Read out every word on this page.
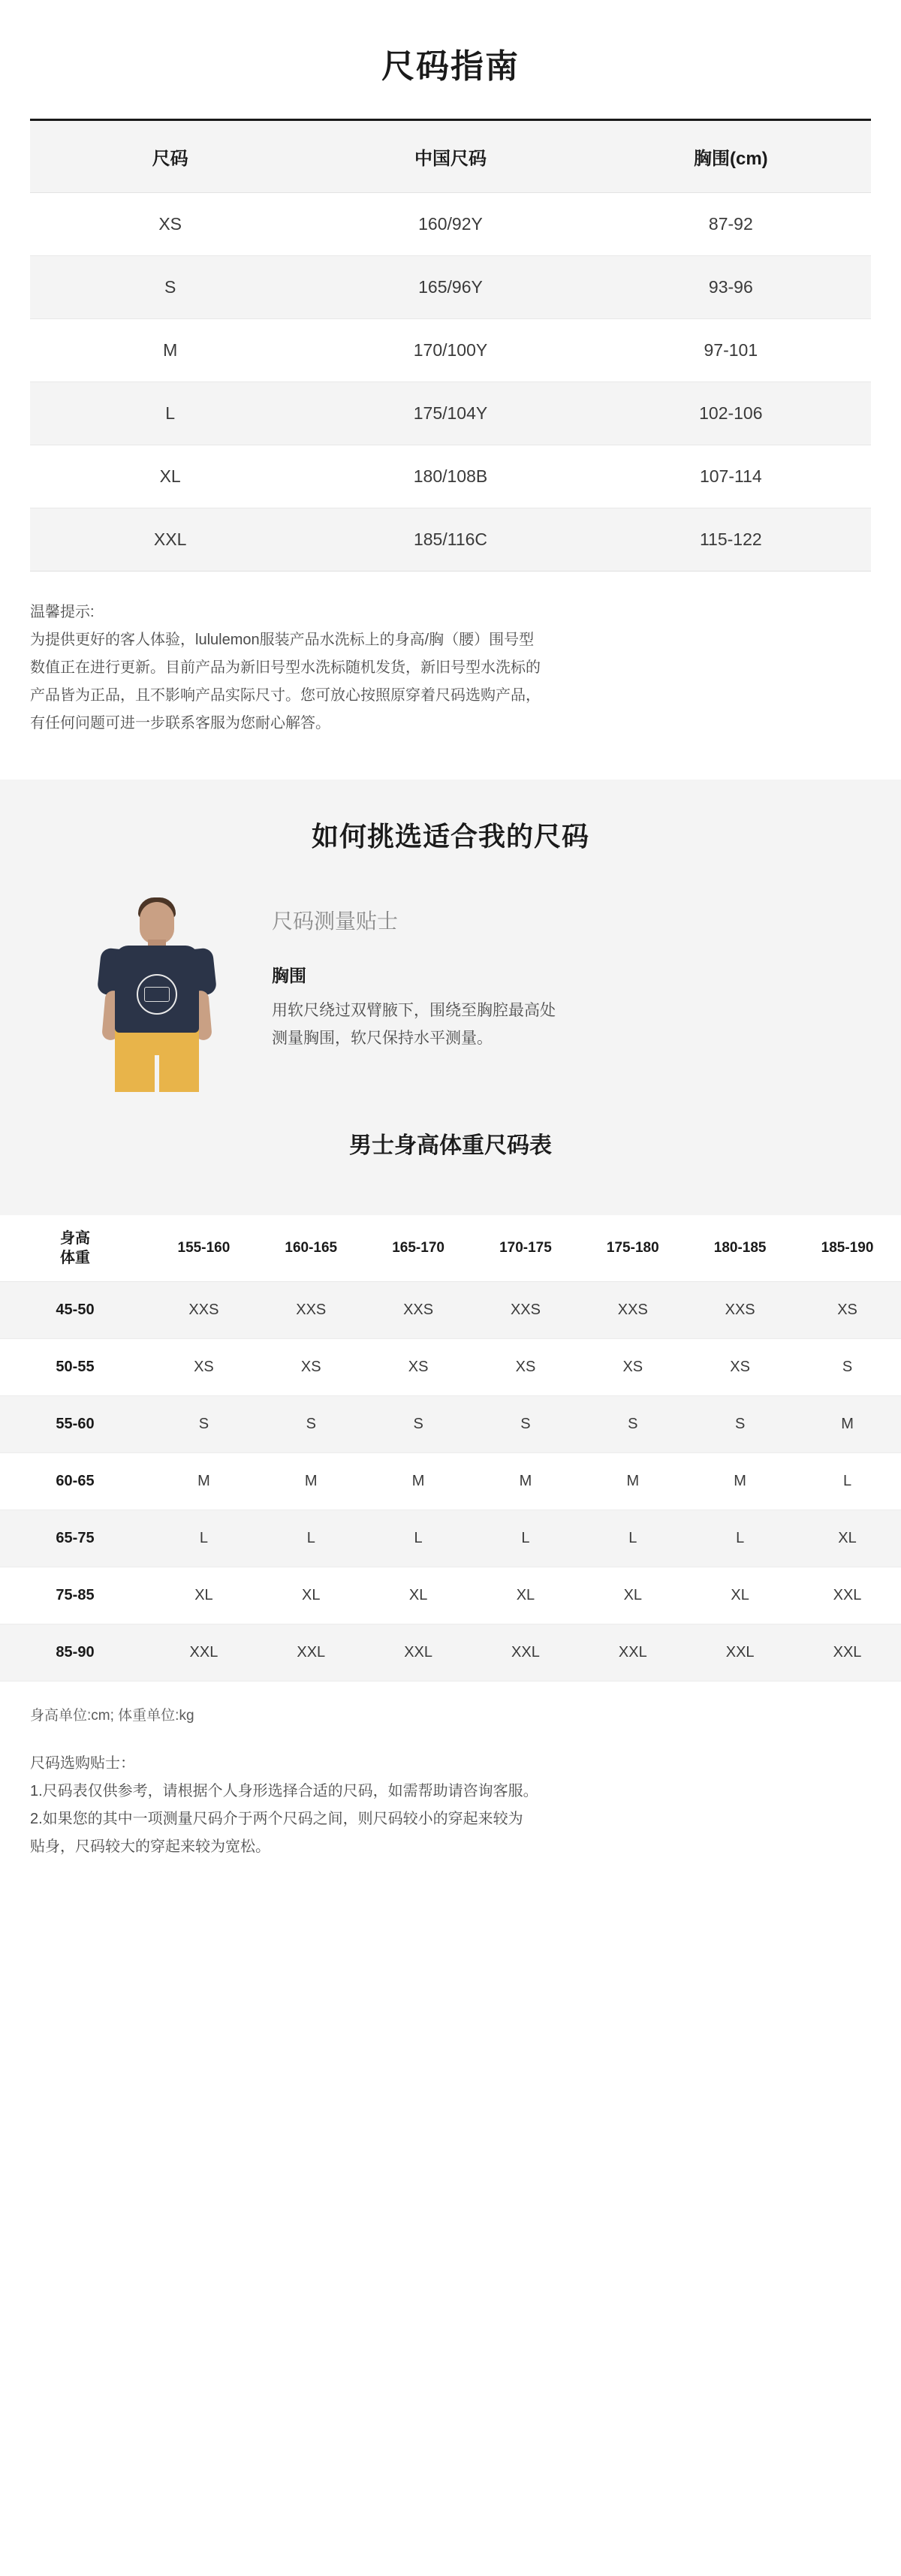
尺码指南
尺码	中国尺码	胸围(cm)
XS	160/92Y	87-92
S	165/96Y	93-96
M	170/100Y	97-101
L	175/104Y	102-106
XL	180/108B	107-114
XXL	185/116C	115-122
温馨提示:
为提供更好的客人体验，lululemon服装产品水洗标上的身高/胸（腰）围号型
数值正在进行更新。目前产品为新旧号型水洗标随机发货，新旧号型水洗标的
产品皆为正品，且不影响产品实际尺寸。您可放心按照原穿着尺码选购产品，
有任何问题可进一步联系客服为您耐心解答。
如何挑选适合我的尺码
尺码测量贴士
胸围
用软尺绕过双臂腋下，围绕至胸腔最高处
测量胸围，软尺保持水平测量。
男士身高体重尺码表
身高
体重	155-160	160-165	165-170	170-175	175-180	180-185	185-190
45-50	XXS	XXS	XXS	XXS	XXS	XXS	XS
50-55	XS	XS	XS	XS	XS	XS	S
55-60	S	S	S	S	S	S	M
60-65	M	M	M	M	M	M	L
65-75	L	L	L	L	L	L	XL
75-85	XL	XL	XL	XL	XL	XL	XXL
85-90	XXL	XXL	XXL	XXL	XXL	XXL	XXL
身高单位:cm; 体重单位:kg
尺码选购贴士：
1.尺码表仅供参考，请根据个人身形选择合适的尺码，如需帮助请咨询客服。
2.如果您的其中一项测量尺码介于两个尺码之间，则尺码较小的穿起来较为
贴身，尺码较大的穿起来较为宽松。
